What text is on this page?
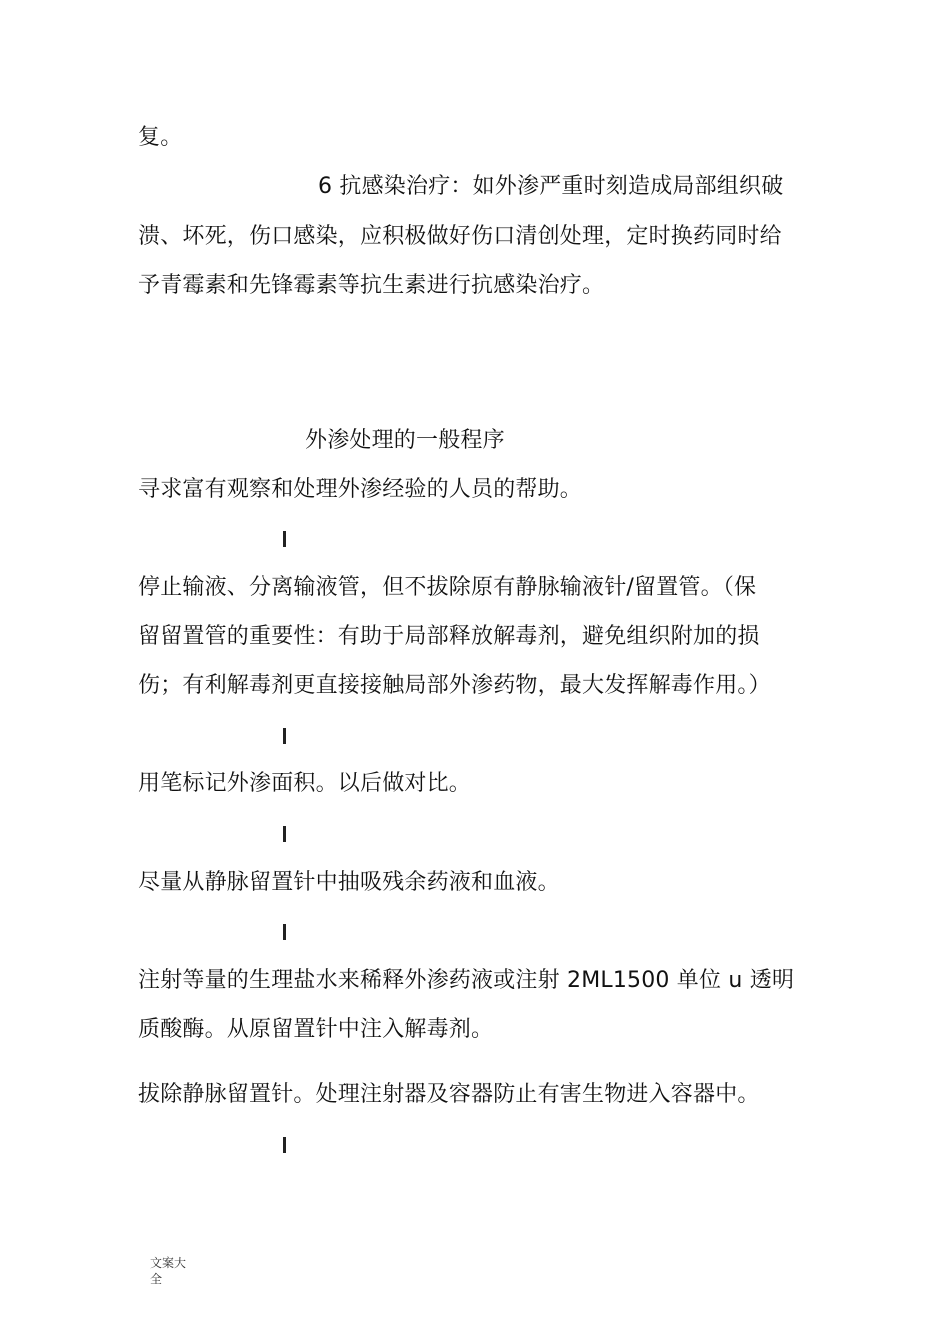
复。
6 抗感染治疗：如外渗严重时刻造成局部组织破
溃、坏死，伤口感染，应积极做好伤口清创处理，定时换药同时给
予青霉素和先锋霉素等抗生素进行抗感染治疗。
外渗处理的一般程序
寻求富有观察和处理外渗经验的人员的帮助。
停止输液、分离输液管，但不拔除原有静脉输液针/留置管。（保
留留置管的重要性：有助于局部释放解毒剂，避免组织附加的损
伤；有利解毒剂更直接接触局部外渗药物，最大发挥解毒作用。）
用笔标记外渗面积。以后做对比。
尽量从静脉留置针中抽吸残余药液和血液。
注射等量的生理盐水来稀释外渗药液或注射 2ML1500 单位 u 透明
质酸酶。从原留置针中注入解毒剂。
拔除静脉留置针。处理注射器及容器防止有害生物进入容器中。
文案大
全
